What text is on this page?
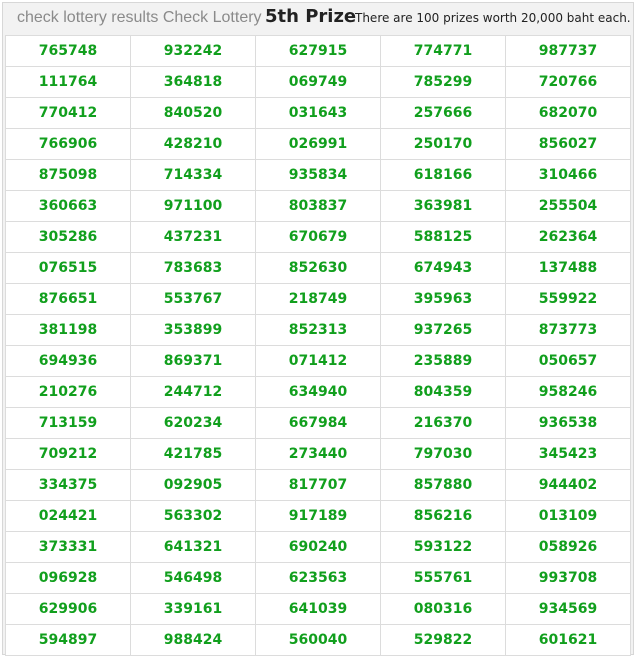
check lottery results Check Lottery 5th Prize
There are 100 prizes worth 20,000 baht each.
765748	932242	627915	774771	987737
111764	364818	069749	785299	720766
770412	840520	031643	257666	682070
766906	428210	026991	250170	856027
875098	714334	935834	618166	310466
360663	971100	803837	363981	255504
305286	437231	670679	588125	262364
076515	783683	852630	674943	137488
876651	553767	218749	395963	559922
381198	353899	852313	937265	873773
694936	869371	071412	235889	050657
210276	244712	634940	804359	958246
713159	620234	667984	216370	936538
709212	421785	273440	797030	345423
334375	092905	817707	857880	944402
024421	563302	917189	856216	013109
373331	641321	690240	593122	058926
096928	546498	623563	555761	993708
629906	339161	641039	080316	934569
594897	988424	560040	529822	601621
